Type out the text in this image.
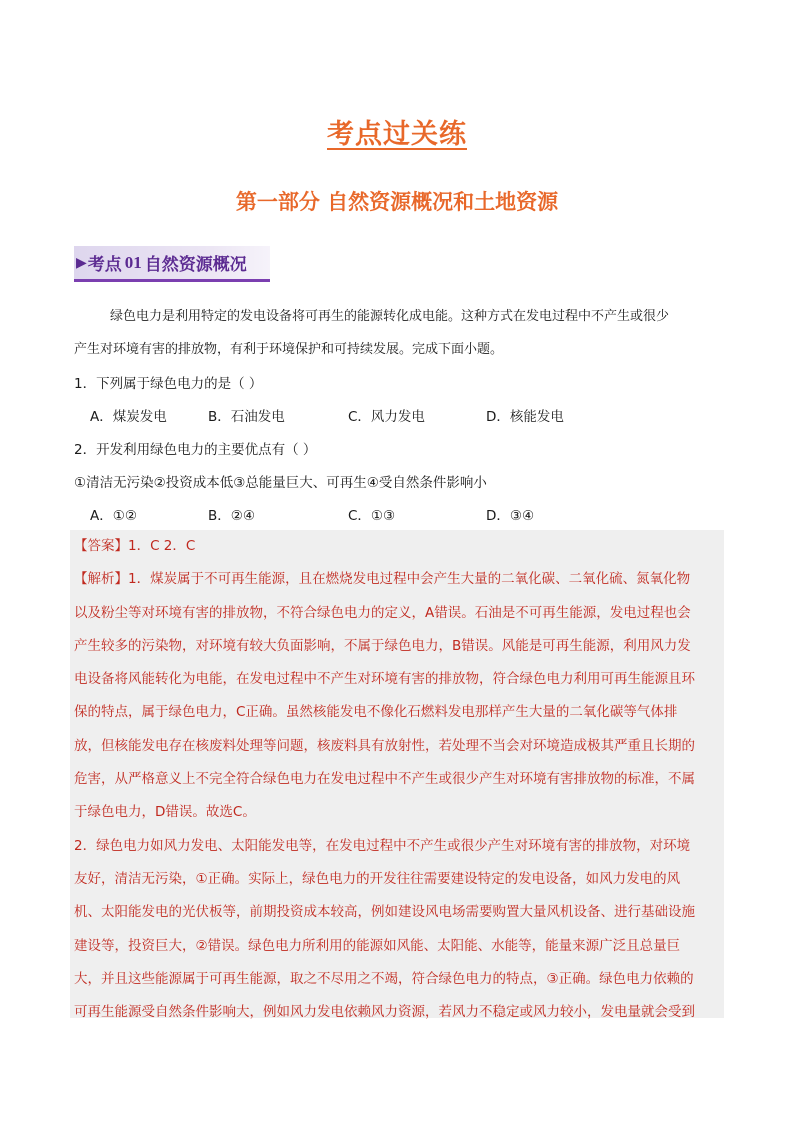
考点过关练
第一部分 自然资源概况和土地资源
▶ 考点 01 自然资源概况
绿色电力是利用特定的发电设备将可再生的能源转化成电能。这种方式在发电过程中不产生或很少
产生对环境有害的排放物，有利于环境保护和可持续发展。完成下面小题。
1．下列属于绿色电力的是（ ）
A．煤炭发电	B．石油发电	C．风力发电	D．核能发电
2．开发利用绿色电力的主要优点有（ ）
①清洁无污染②投资成本低③总能量巨大、可再生④受自然条件影响小
A．①②	B．②④	C．①③	D．③④
【答案】1．C 2．C
【解析】1．煤炭属于不可再生能源，且在燃烧发电过程中会产生大量的二氧化碳、二氧化硫、氮氧化物
以及粉尘等对环境有害的排放物，不符合绿色电力的定义，A错误。石油是不可再生能源，发电过程也会
产生较多的污染物，对环境有较大负面影响，不属于绿色电力，B错误。风能是可再生能源，利用风力发
电设备将风能转化为电能，在发电过程中不产生对环境有害的排放物，符合绿色电力利用可再生能源且环
保的特点，属于绿色电力，C正确。虽然核能发电不像化石燃料发电那样产生大量的二氧化碳等气体排
放，但核能发电存在核废料处理等问题，核废料具有放射性，若处理不当会对环境造成极其严重且长期的
危害，从严格意义上不完全符合绿色电力在发电过程中不产生或很少产生对环境有害排放物的标准，不属
于绿色电力，D错误。故选C。
2．绿色电力如风力发电、太阳能发电等，在发电过程中不产生或很少产生对环境有害的排放物，对环境
友好，清洁无污染，①正确。实际上，绿色电力的开发往往需要建设特定的发电设备，如风力发电的风
机、太阳能发电的光伏板等，前期投资成本较高，例如建设风电场需要购置大量风机设备、进行基础设施
建设等，投资巨大，②错误。绿色电力所利用的能源如风能、太阳能、水能等，能量来源广泛且总量巨
大，并且这些能源属于可再生能源，取之不尽用之不竭，符合绿色电力的特点，③正确。绿色电力依赖的
可再生能源受自然条件影响大，例如风力发电依赖风力资源，若风力不稳定或风力较小，发电量就会受到
